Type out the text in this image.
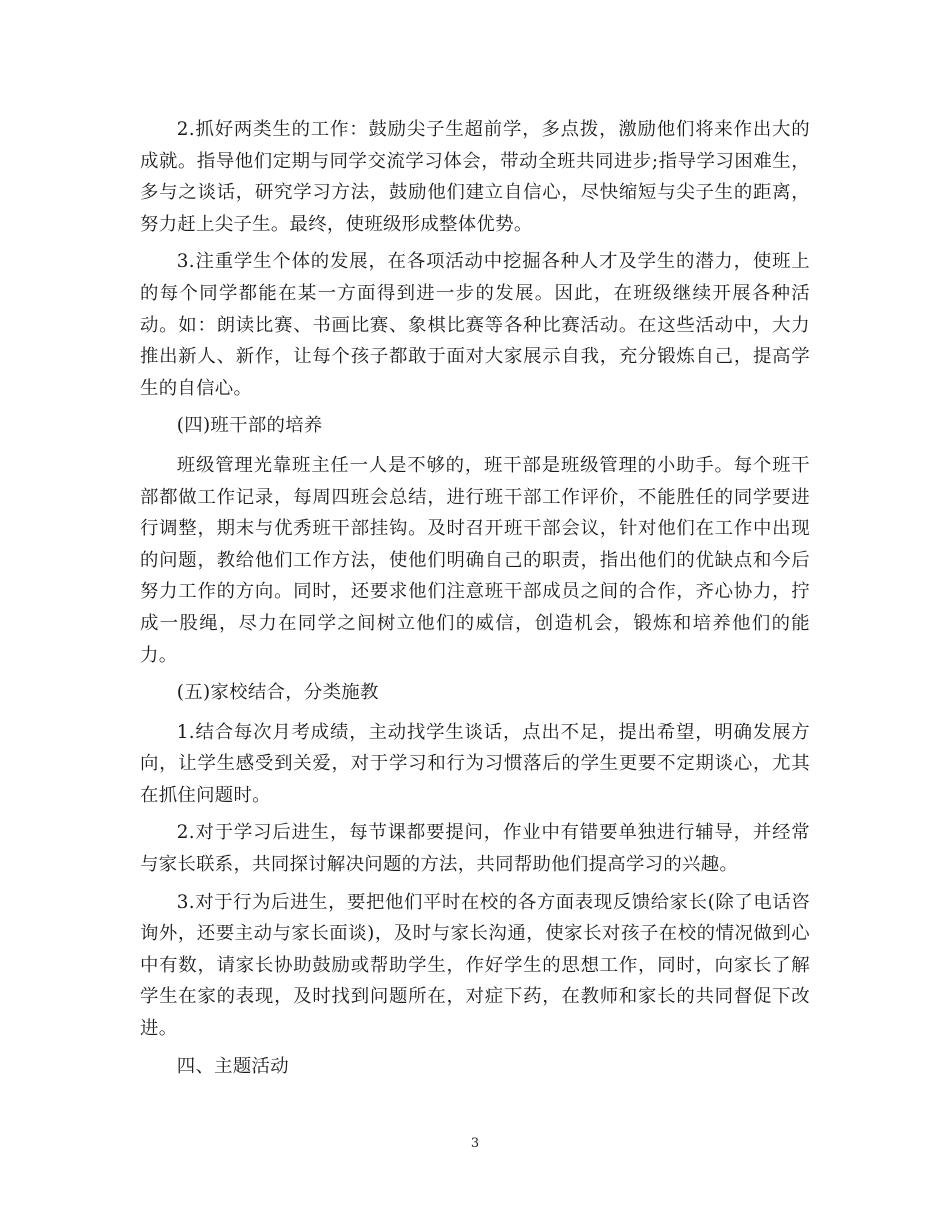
2.抓好两类生的工作：鼓励尖子生超前学，多点拨，激励他们将来作出大的成就。指导他们定期与同学交流学习体会，带动全班共同进步;指导学习困难生，多与之谈话，研究学习方法，鼓励他们建立自信心，尽快缩短与尖子生的距离，努力赶上尖子生。最终，使班级形成整体优势。

3.注重学生个体的发展，在各项活动中挖掘各种人才及学生的潜力，使班上的每个同学都能在某一方面得到进一步的发展。因此，在班级继续开展各种活动。如：朗读比赛、书画比赛、象棋比赛等各种比赛活动。在这些活动中，大力推出新人、新作，让每个孩子都敢于面对大家展示自我，充分锻炼自己，提高学生的自信心。

(四)班干部的培养

班级管理光靠班主任一人是不够的，班干部是班级管理的小助手。每个班干部都做工作记录，每周四班会总结，进行班干部工作评价，不能胜任的同学要进行调整，期末与优秀班干部挂钩。及时召开班干部会议，针对他们在工作中出现的问题，教给他们工作方法，使他们明确自己的职责，指出他们的优缺点和今后努力工作的方向。同时，还要求他们注意班干部成员之间的合作，齐心协力，拧成一股绳，尽力在同学之间树立他们的威信，创造机会，锻炼和培养他们的能力。

(五)家校结合，分类施教

1.结合每次月考成绩，主动找学生谈话，点出不足，提出希望，明确发展方向，让学生感受到关爱，对于学习和行为习惯落后的学生更要不定期谈心，尤其在抓住问题时。

2.对于学习后进生，每节课都要提问，作业中有错要单独进行辅导，并经常与家长联系，共同探讨解决问题的方法，共同帮助他们提高学习的兴趣。

3.对于行为后进生，要把他们平时在校的各方面表现反馈给家长(除了电话咨询外，还要主动与家长面谈)，及时与家长沟通，使家长对孩子在校的情况做到心中有数，请家长协助鼓励或帮助学生，作好学生的思想工作，同时，向家长了解学生在家的表现，及时找到问题所在，对症下药，在教师和家长的共同督促下改进。

四、主题活动

3
